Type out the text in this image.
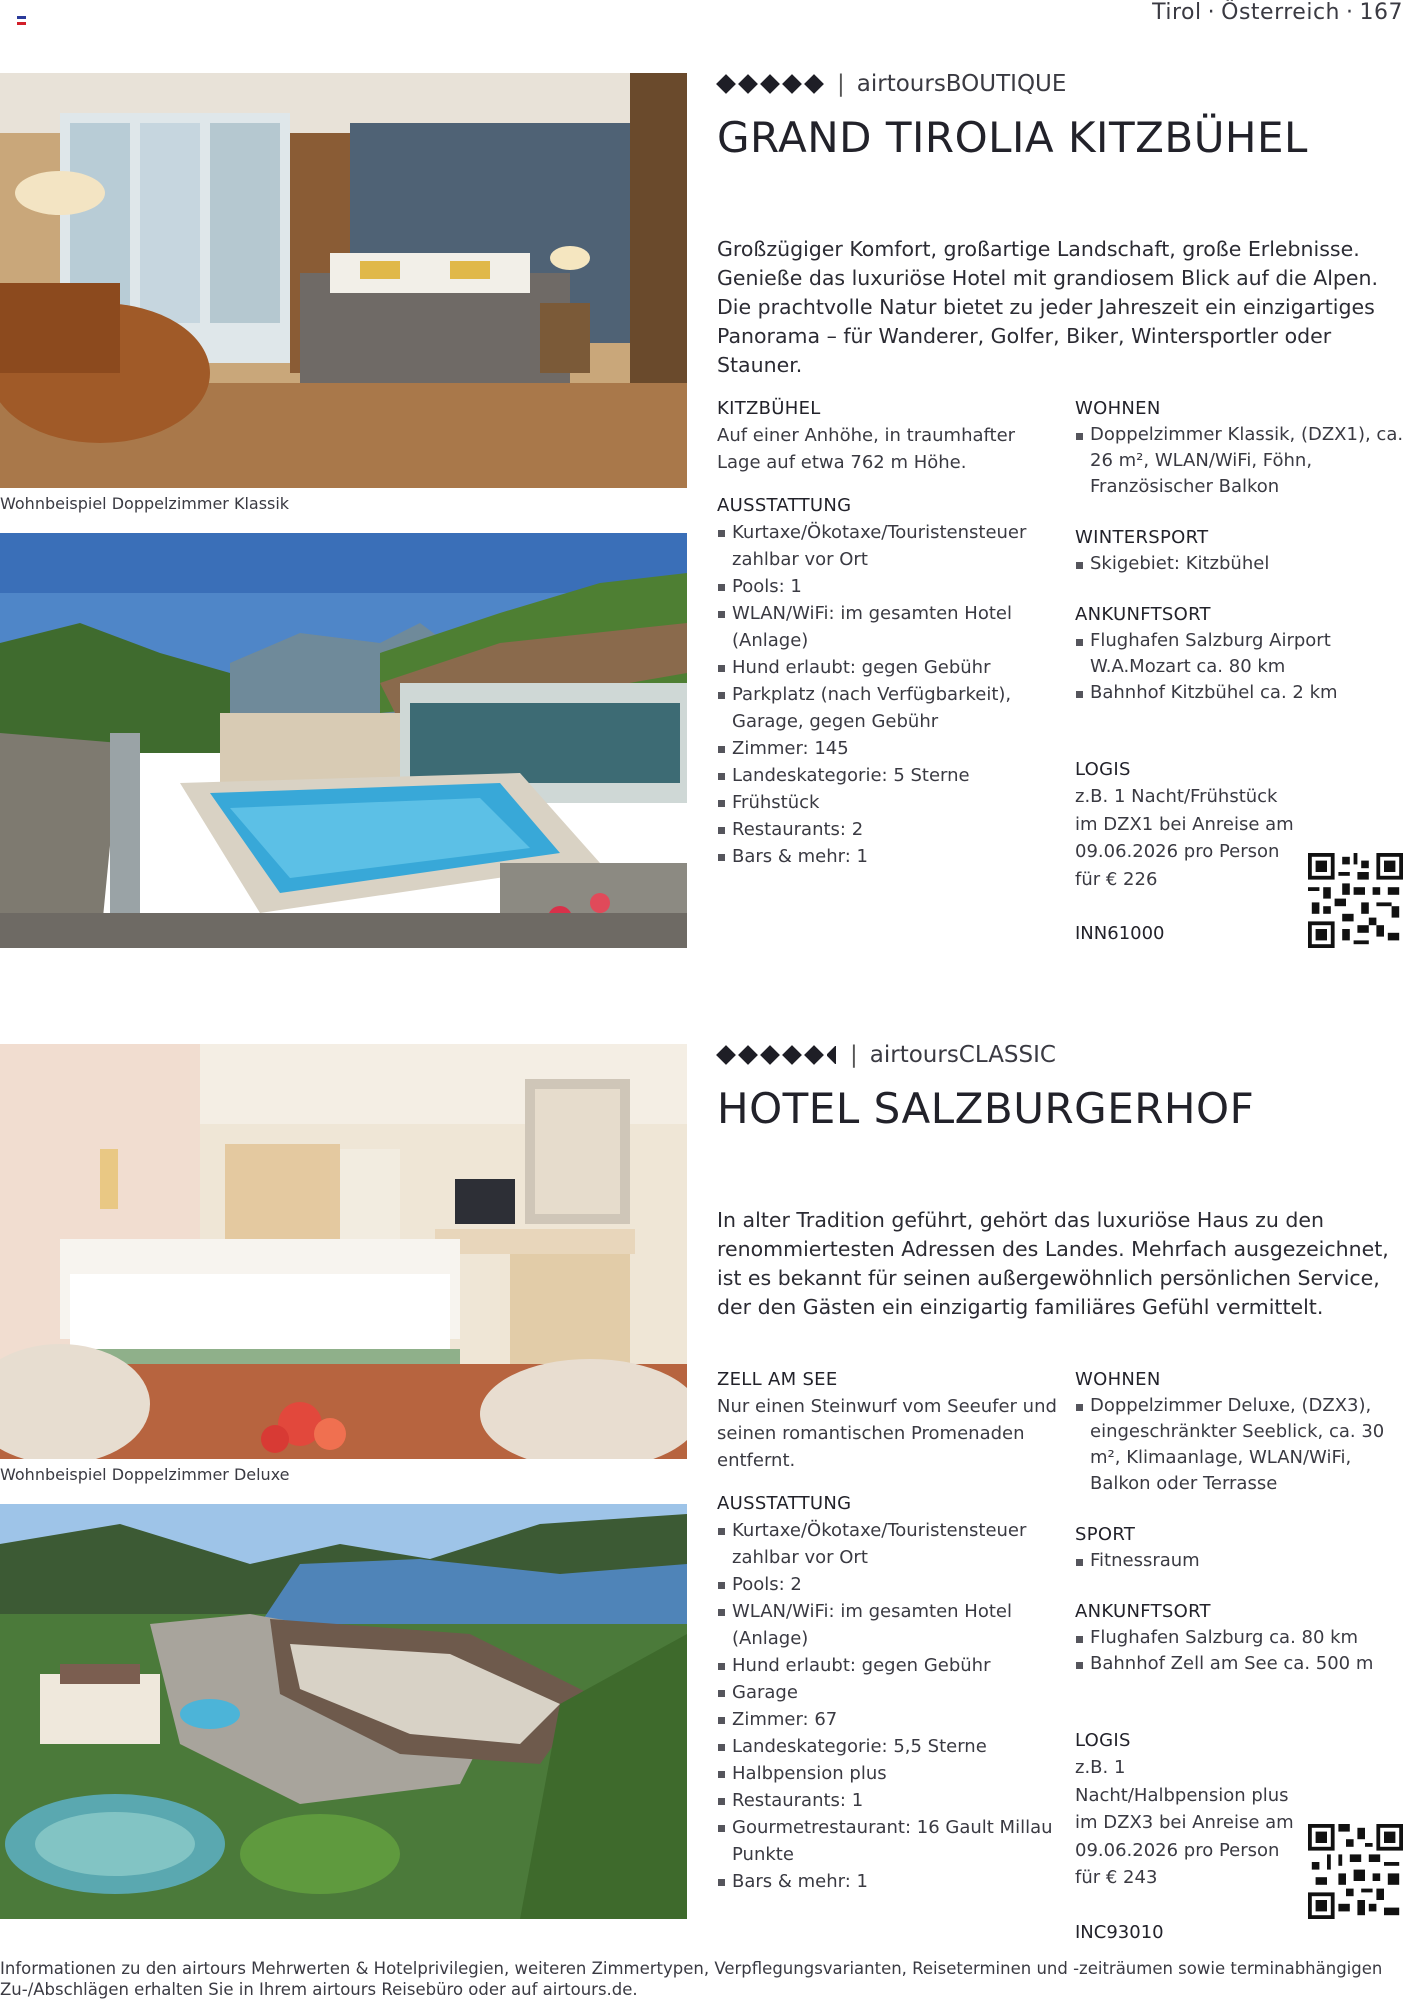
Tirol · Österreich · 167
Wohnbeispiel Doppelzimmer Klassik
| airtoursBOUTIQUE
GRAND TIROLIA KITZBÜHEL

Großzügiger Komfort, großartige Landschaft, große Erlebnisse. Genieße das luxuriöse Hotel mit grandiosem Blick auf die Alpen. Die prachtvolle Natur bietet zu jeder Jahreszeit ein einzigartiges Panorama – für Wanderer, Golfer, Biker, Wintersportler oder Stauner.

KITZBÜHEL
Auf einer Anhöhe, in traumhafter Lage auf etwa 762 m Höhe.
AUSSTATTUNG
Kurtaxe/Ökotaxe/Touristensteuer zahlbar vor Ort
Pools: 1
WLAN/WiFi: im gesamten Hotel (Anlage)
Hund erlaubt: gegen Gebühr
Parkplatz (nach Verfügbarkeit), Garage, gegen Gebühr
Zimmer: 145
Landeskategorie: 5 Sterne
Frühstück
Restaurants: 2
Bars & mehr: 1
WOHNEN
Doppelzimmer Klassik, (DZX1), ca. 26 m², WLAN/WiFi, Föhn, Französischer Balkon
WINTERSPORT
Skigebiet: Kitzbühel
ANKUNFTSORT
Flughafen Salzburg Airport W.A.Mozart ca. 80 km
Bahnhof Kitzbühel ca. 2 km
LOGIS
z.B. 1 Nacht/Frühstück im DZX1 bei Anreise am 09.06.2026 pro Person für € 226
INN61000
Wohnbeispiel Doppelzimmer Deluxe
| airtoursCLASSIC
HOTEL SALZBURGERHOF

In alter Tradition geführt, gehört das luxuriöse Haus zu den renommiertesten Adressen des Landes. Mehrfach ausgezeichnet, ist es bekannt für seinen außergewöhnlich persönlichen Service, der den Gästen ein einzigartig familiäres Gefühl vermittelt.

ZELL AM SEE
Nur einen Steinwurf vom Seeufer und seinen romantischen Promenaden entfernt.
AUSSTATTUNG
Kurtaxe/Ökotaxe/Touristensteuer zahlbar vor Ort
Pools: 2
WLAN/WiFi: im gesamten Hotel (Anlage)
Hund erlaubt: gegen Gebühr
Garage
Zimmer: 67
Landeskategorie: 5,5 Sterne
Halbpension plus
Restaurants: 1
Gourmetrestaurant: 16 Gault Millau Punkte
Bars & mehr: 1
WOHNEN
Doppelzimmer Deluxe, (DZX3), eingeschränkter Seeblick, ca. 30 m², Klimaanlage, WLAN/WiFi, Balkon oder Terrasse
SPORT
Fitnessraum
ANKUNFTSORT
Flughafen Salzburg ca. 80 km
Bahnhof Zell am See ca. 500 m
LOGIS
z.B. 1 Nacht/Halbpension plus im DZX3 bei Anreise am 09.06.2026 pro Person für € 243
INC93010

Informationen zu den airtours Mehrwerten & Hotelprivilegien, weiteren Zimmertypen, Verpflegungsvarianten, Reiseterminen und -zeiträumen sowie terminabhängigen Zu-/Abschlägen erhalten Sie in Ihrem airtours Reisebüro oder auf airtours.de.
